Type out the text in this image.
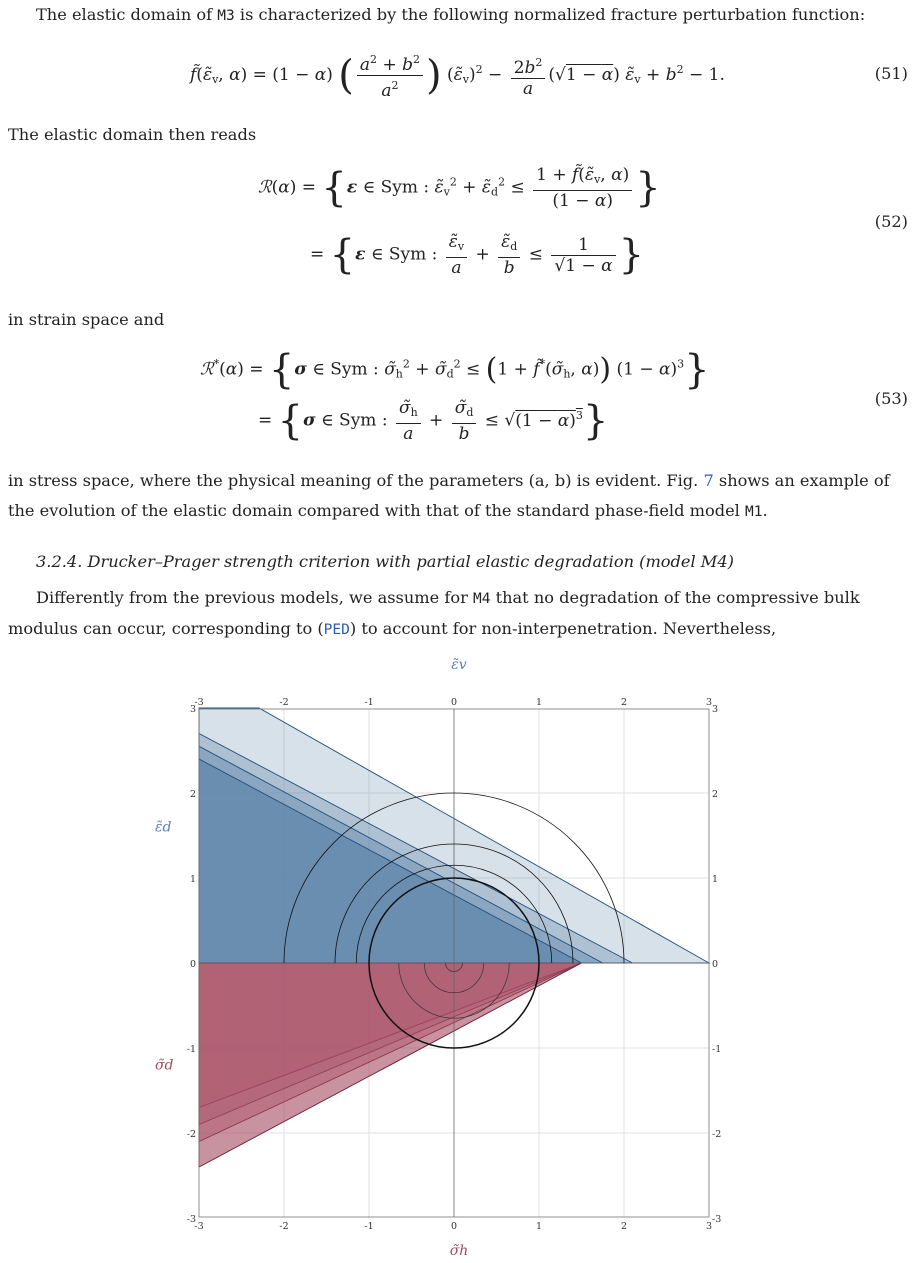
The elastic domain of M3 is characterized by the following normalized fracture perturbation function:
$f̃(\varepsiloñ_v$, α) = (1 − α) ( $\frac{a^2 + b^2}{a^2}$ ) $(\varepsiloñ_v)^2 - \frac{2b^2}{a} (√1 - \alpha)$ $\varepsiloñ_v + b^2 - 1$.	(51)
The elastic domain then reads
ℛ(α) = {ε ∈ Sym : $\varepsiloñ_v^2$ + $\varepsiloñ_d^2 \le \frac{1 + f̃(\varepsiloñ_v, \alpha)}{(1 - \alpha)}$ }
= {ε ∈ Sym : $\frac{\varepsiloñ_v}{a} + \frac{\varepsiloñ_d}{b} \le \frac{1}{√1 - \alpha}$ }
(52)
in strain space and
ℛ*(α) = {σ ∈ Sym : $\sigmã_h^2$ + $\sigmã_d^2 \le (1$ + $f̃^*(\sigmã_h$, α)) $(1 - \alpha)^3$}
= {σ ∈ Sym : $\frac{\sigmã_h}{a} + \frac{\sigmã_d}{b} \le √(1 - \alpha)^3$}	(53)
in stress space, where the physical meaning of the parameters (a, b) is evident. Fig. 7 shows an example of the evolution of the elastic domain compared with that of the standard phase-field model M1.
3.2.4. Drucker–Prager strength criterion with partial elastic degradation (model M4)
Differently from the previous models, we assume for M4 that no degradation of the compressive bulk modulus can occur, corresponding to (PED) to account for non-interpenetration. Nevertheless,
-3
-3
-3	-3
-2
-2
-2	-2
-1
-1
-1	-1
0
0
0	0
1
1
1	1
2
2
2	2
3
3
3	3
ε̃v
σ̃h
ε̃d
σ̃d
